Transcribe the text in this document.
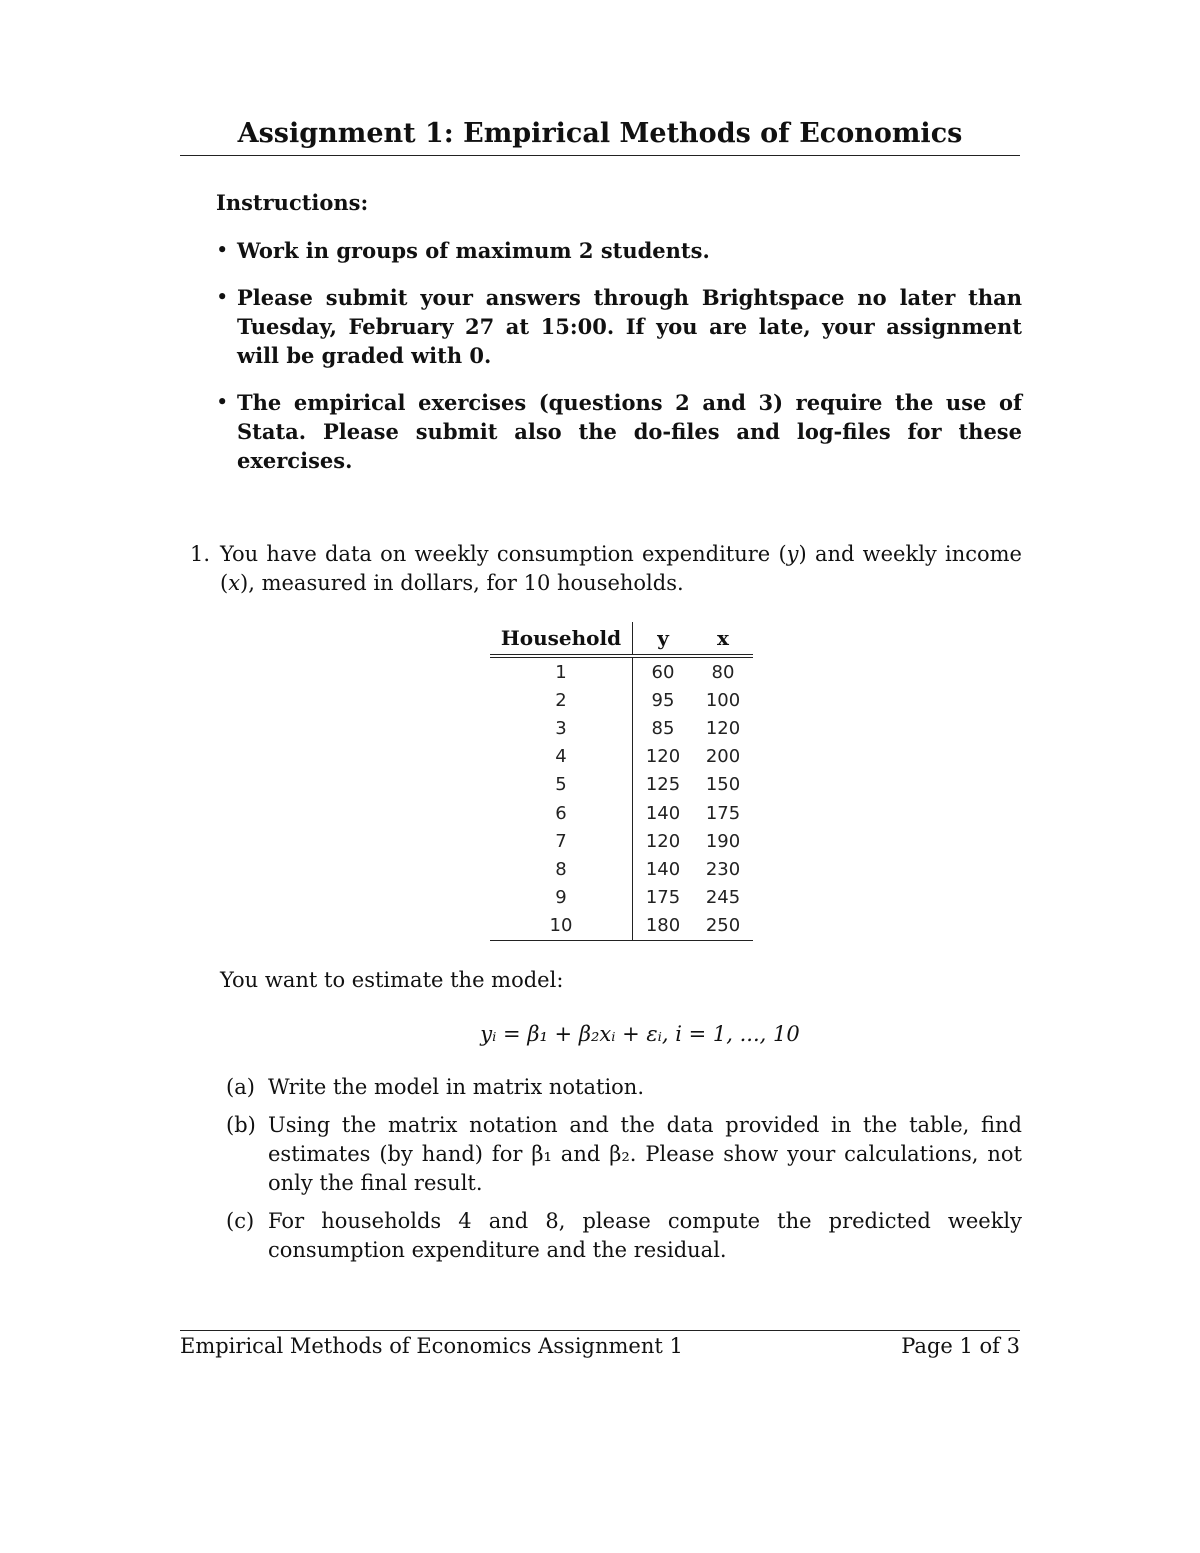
Assignment 1: Empirical Methods of Economics
Instructions:
• Work in groups of maximum 2 students.
• Please submit your answers through Brightspace no later than Tuesday, February 27 at 15:00. If you are late, your assignment will be graded with 0.
• The empirical exercises (questions 2 and 3) require the use of Stata. Please submit also the do-files and log-files for these exercises.
1. You have data on weekly consumption expenditure (y) and weekly income (x), measured in dollars, for 10 households.
Household	y	x
1	60	80
2	95	100
3	85	120
4	120	200
5	125	150
6	140	175
7	120	190
8	140	230
9	175	245
10	180	250
You want to estimate the model:
yᵢ = β₁ + β₂xᵢ + εᵢ, i = 1, ..., 10
(a) Write the model in matrix notation.
(b) Using the matrix notation and the data provided in the table, find estimates (by hand) for β₁ and β₂. Please show your calculations, not only the final result.
(c) For households 4 and 8, please compute the predicted weekly consumption expenditure and the residual.
Empirical Methods of Economics Assignment 1	Page 1 of 3
